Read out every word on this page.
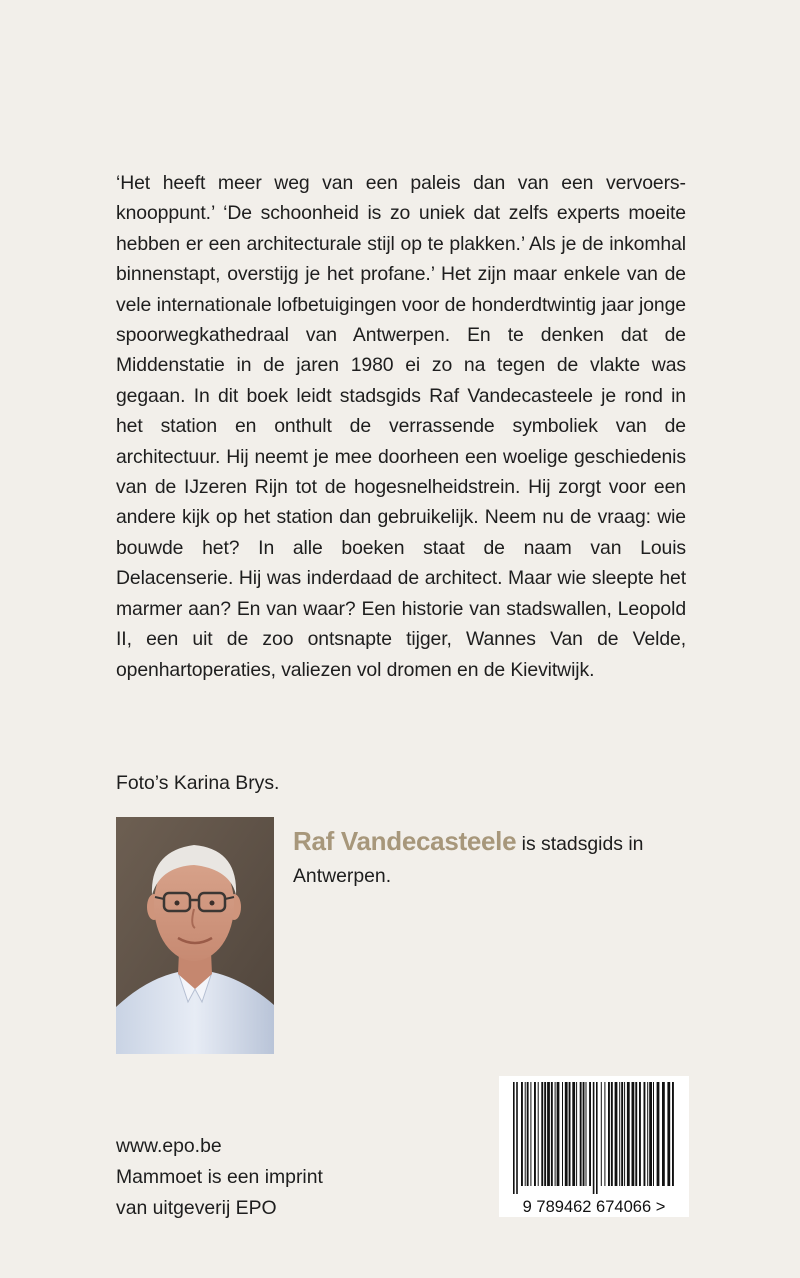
‘Het heeft meer weg van een paleis dan van een vervoersknooppunt.’ ‘De schoonheid is zo uniek dat zelfs experts moeite hebben er een architecturale stijl op te plakken.’ Als je de inkomhal binnenstapt, overstijg je het profane.’ Het zijn maar enkele van de vele internationale lofbetuigingen voor de honderdtwintig jaar jonge spoorwegkathedraal van Antwerpen. En te denken dat de Middenstatie in de jaren 1980 ei zo na tegen de vlakte was gegaan. In dit boek leidt stadsgids Raf Vandecasteele je rond in het station en onthult de verrassende symboliek van de architectuur. Hij neemt je mee doorheen een woelige geschiedenis van de IJzeren Rijn tot de hogesnelheidstrein. Hij zorgt voor een andere kijk op het station dan gebruikelijk. Neem nu de vraag: wie bouwde het? In alle boeken staat de naam van Louis Delacenserie. Hij was inderdaad de architect. Maar wie sleepte het marmer aan? En van waar? Een historie van stadswallen, Leopold II, een uit de zoo ontsnapte tijger, Wannes Van de Velde, openhartoperaties, valiezen vol dromen en de Kievitwijk.

Foto’s Karina Brys.

Raf Vandecasteele is stadsgids in Antwerpen.

www.epo.be
Mammoet is een imprint
van uitgeverij EPO	9 789462 674066 >
